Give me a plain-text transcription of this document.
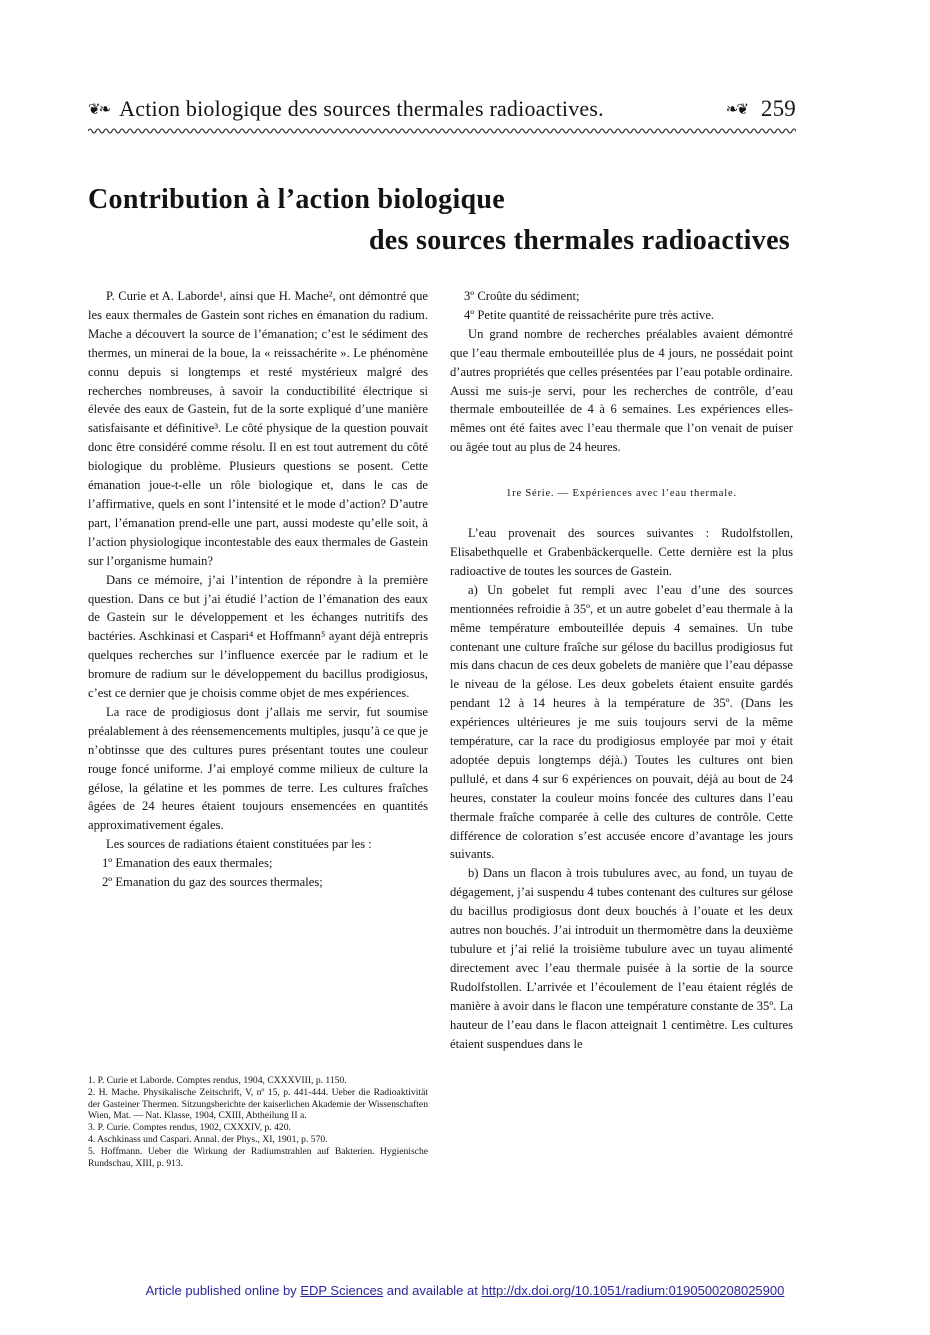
❦❧ Action biologique des sources thermales radioactives.	❧❦ 259
Contribution à l’action biologique
des sources thermales radioactives

P. Curie et A. Laborde¹, ainsi que H. Mache², ont démontré que les eaux thermales de Gastein sont riches en émanation du radium. Mache a découvert la source de l’émanation; c’est le sédiment des thermes, un minerai de la boue, la « reissachérite ». Le phénomène connu depuis si longtemps et resté mystérieux malgré des recherches nombreuses, à savoir la conductibilité électrique si élevée des eaux de Gastein, fut de la sorte expliqué d’une manière satisfaisante et définitive³. Le côté physique de la question pouvait donc être considéré comme résolu. Il en est tout autrement du côté biologique du problème. Plusieurs questions se posent. Cette émanation joue-t-elle un rôle biologique et, dans le cas de l’affirmative, quels en sont l’intensité et le mode d’action? D’autre part, l’émanation prend-elle une part, aussi modeste qu’elle soit, à l’action physiologique incontestable des eaux thermales de Gastein sur l’organisme humain?

Dans ce mémoire, j’ai l’intention de répondre à la première question. Dans ce but j’ai étudié l’action de l’émanation des eaux de Gastein sur le développement et les échanges nutritifs des bactéries. Aschkinasi et Caspari⁴ et Hoffmann⁵ ayant déjà entrepris quelques recherches sur l’influence exercée par le radium et le bromure de radium sur le développement du bacillus prodigiosus, c’est ce dernier que je choisis comme objet de mes expériences.

La race de prodigiosus dont j’allais me servir, fut soumise préalablement à des réensemencements multiples, jusqu’à ce que je n’obtinsse que des cultures pures présentant toutes une couleur rouge foncé uniforme. J’ai employé comme milieux de culture la gélose, la gélatine et les pommes de terre. Les cultures fraîches âgées de 24 heures étaient toujours ensemencées en quantités approximativement égales.

Les sources de radiations étaient constituées par les :

1º Emanation des eaux thermales;

2º Emanation du gaz des sources thermales;

1. P. Curie et Laborde. Comptes rendus, 1904, CXXXVIII, p. 1150.

2. H. Mache. Physikalische Zeitschrift, V, nº 15, p. 441-444. Ueber die Radioaktivität der Gasteiner Thermen. Sitzungsberichte der kaiserlichen Akademie der Wissenschaften Wien, Mat. — Nat. Klasse, 1904, CXIII, Abtheilung II a.

3. P. Curie. Comptes rendus, 1902, CXXXIV, p. 420.

4. Aschkinass und Caspari. Annal. der Phys., XI, 1901, p. 570.

5. Hoffmann. Ueber die Wirkung der Radiumstrahlen auf Bakterien. Hygienische Rundschau, XIII, p. 913.

3º Croûte du sédiment;

4º Petite quantité de reissachérite pure très active.

Un grand nombre de recherches préalables avaient démontré que l’eau thermale embouteillée plus de 4 jours, ne possédait point d’autres propriétés que celles présentées par l’eau potable ordinaire. Aussi me suis-je servi, pour les recherches de contrôle, d’eau thermale embouteillée de 4 à 6 semaines. Les expériences elles-mêmes ont été faites avec l’eau thermale que l’on venait de puiser ou âgée tout au plus de 24 heures.

1re Série. — Expériences avec l’eau thermale.

L’eau provenait des sources suivantes : Rudolfstollen, Elisabethquelle et Grabenbäckerquelle. Cette dernière est la plus radioactive de toutes les sources de Gastein.

a) Un gobelet fut rempli avec l’eau d’une des sources mentionnées refroidie à 35º, et un autre gobelet d’eau thermale à la même température embouteillée depuis 4 semaines. Un tube contenant une culture fraîche sur gélose du bacillus prodigiosus fut mis dans chacun de ces deux gobelets de manière que l’eau dépasse le niveau de la gélose. Les deux gobelets étaient ensuite gardés pendant 12 à 14 heures à la température de 35º. (Dans les expériences ultérieures je me suis toujours servi de la même température, car la race du prodigiosus employée par moi y était adoptée depuis longtemps déjà.) Toutes les cultures ont bien pullulé, et dans 4 sur 6 expériences on pouvait, déjà au bout de 24 heures, constater la couleur moins foncée des cultures dans l’eau thermale fraîche comparée à celle des cultures de contrôle. Cette différence de coloration s’est accusée encore d’avantage les jours suivants.

b) Dans un flacon à trois tubulures avec, au fond, un tuyau de dégagement, j’ai suspendu 4 tubes contenant des cultures sur gélose du bacillus prodigiosus dont deux bouchés à l’ouate et les deux autres non bouchés. J’ai introduit un thermomètre dans la deuxième tubulure et j’ai relié la troisième tubulure avec un tuyau alimenté directement avec l’eau thermale puisée à la sortie de la source Rudolfstollen. L’arrivée et l’écoulement de l’eau étaient réglés de manière à avoir dans le flacon une température constante de 35º. La hauteur de l’eau dans le flacon atteignait 1 centimètre. Les cultures étaient suspendues dans le

Article published online by EDP Sciences and available at http://dx.doi.org/10.1051/radium:0190500208025900
